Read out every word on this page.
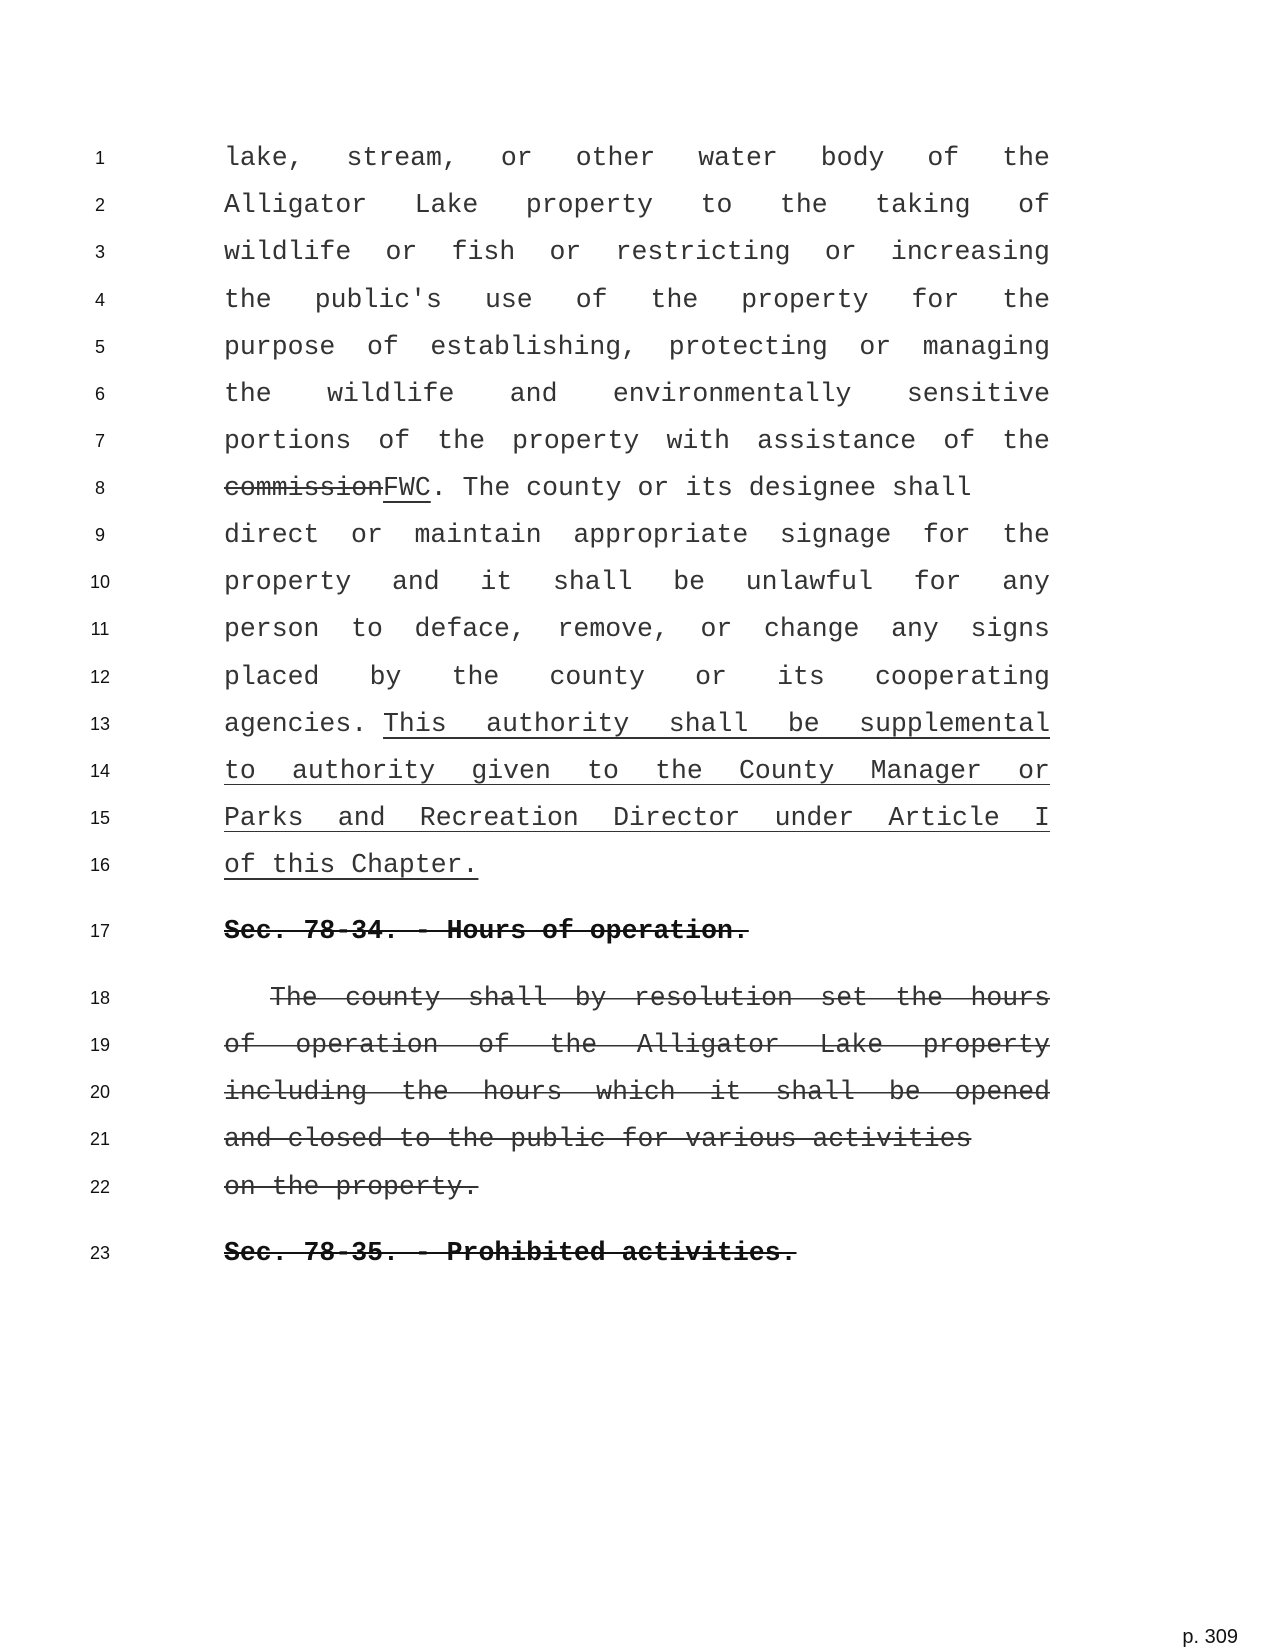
1	lake, stream, or other water body of the
2	Alligator Lake property to the taking of
3	wildlife or fish or restricting or increasing
4	the public's use of the property for the
5	purpose of establishing, protecting or managing
6	the wildlife and environmentally sensitive
7	portions of the property with assistance of the
8	commissionFWC. The county or its designee shall
9	direct or maintain appropriate signage for the
10	property and it shall be unlawful for any
11	person to deface, remove, or change any signs
12	placed by the county or its cooperating
13	agencies. This authority shall be supplemental
14	to authority given to the County Manager or
15	Parks and Recreation Director under Article I
16	of this Chapter.
17	Sec. 78-34. - Hours of operation.
18	The county shall by resolution set the hours
19	of operation of the Alligator Lake property
20	including the hours which it shall be opened
21	and closed to the public for various activities
22	on the property.
23	Sec. 78-35. - Prohibited activities.
p. 309
